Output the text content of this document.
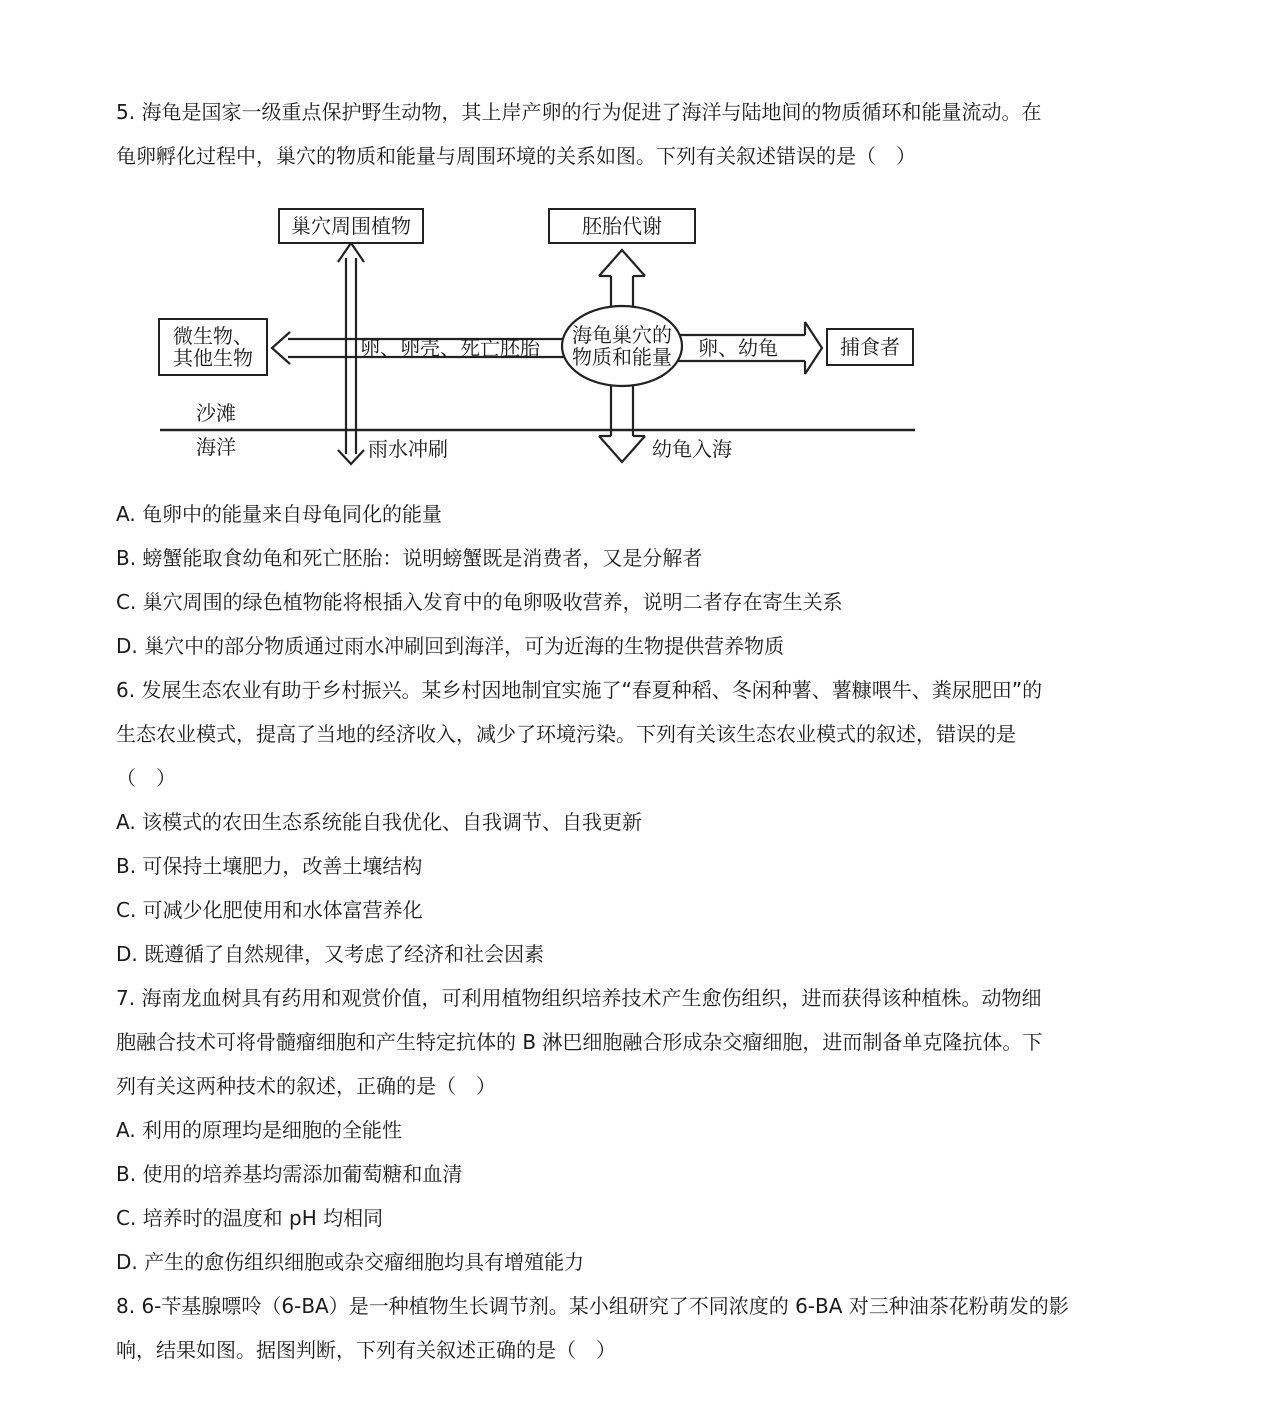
5. 海龟是国家一级重点保护野生动物，其上岸产卵的行为促进了海洋与陆地间的物质循环和能量流动。在
龟卵孵化过程中，巢穴的物质和能量与周围环境的关系如图。下列有关叙述错误的是（　）
巢穴周围植物	胚胎代谢
微生物、
其他生物	捕食者
海龟巢穴的
物质和能量
卵、卵壳、死亡胚胎	卵、幼龟
沙滩
海洋	雨水冲刷	幼龟入海
A. 龟卵中的能量来自母龟同化的能量
B. 螃蟹能取食幼龟和死亡胚胎：说明螃蟹既是消费者，又是分解者
C. 巢穴周围的绿色植物能将根插入发育中的龟卵吸收营养，说明二者存在寄生关系
D. 巢穴中的部分物质通过雨水冲刷回到海洋，可为近海的生物提供营养物质
6. 发展生态农业有助于乡村振兴。某乡村因地制宜实施了“春夏种稻、冬闲种薯、薯糠喂牛、粪尿肥田”的
生态农业模式，提高了当地的经济收入，减少了环境污染。下列有关该生态农业模式的叙述，错误的是
（　）
A. 该模式的农田生态系统能自我优化、自我调节、自我更新
B. 可保持土壤肥力，改善土壤结构
C. 可减少化肥使用和水体富营养化
D. 既遵循了自然规律，又考虑了经济和社会因素
7. 海南龙血树具有药用和观赏价值，可利用植物组织培养技术产生愈伤组织，进而获得该种植株。动物细
胞融合技术可将骨髓瘤细胞和产生特定抗体的 B 淋巴细胞融合形成杂交瘤细胞，进而制备单克隆抗体。下
列有关这两种技术的叙述，正确的是（　）
A. 利用的原理均是细胞的全能性
B. 使用的培养基均需添加葡萄糖和血清
C. 培养时的温度和 pH 均相同
D. 产生的愈伤组织细胞或杂交瘤细胞均具有增殖能力
8. 6-苄基腺嘌呤（6-BA）是一种植物生长调节剂。某小组研究了不同浓度的 6-BA 对三种油茶花粉萌发的影
响，结果如图。据图判断，下列有关叙述正确的是（　）
